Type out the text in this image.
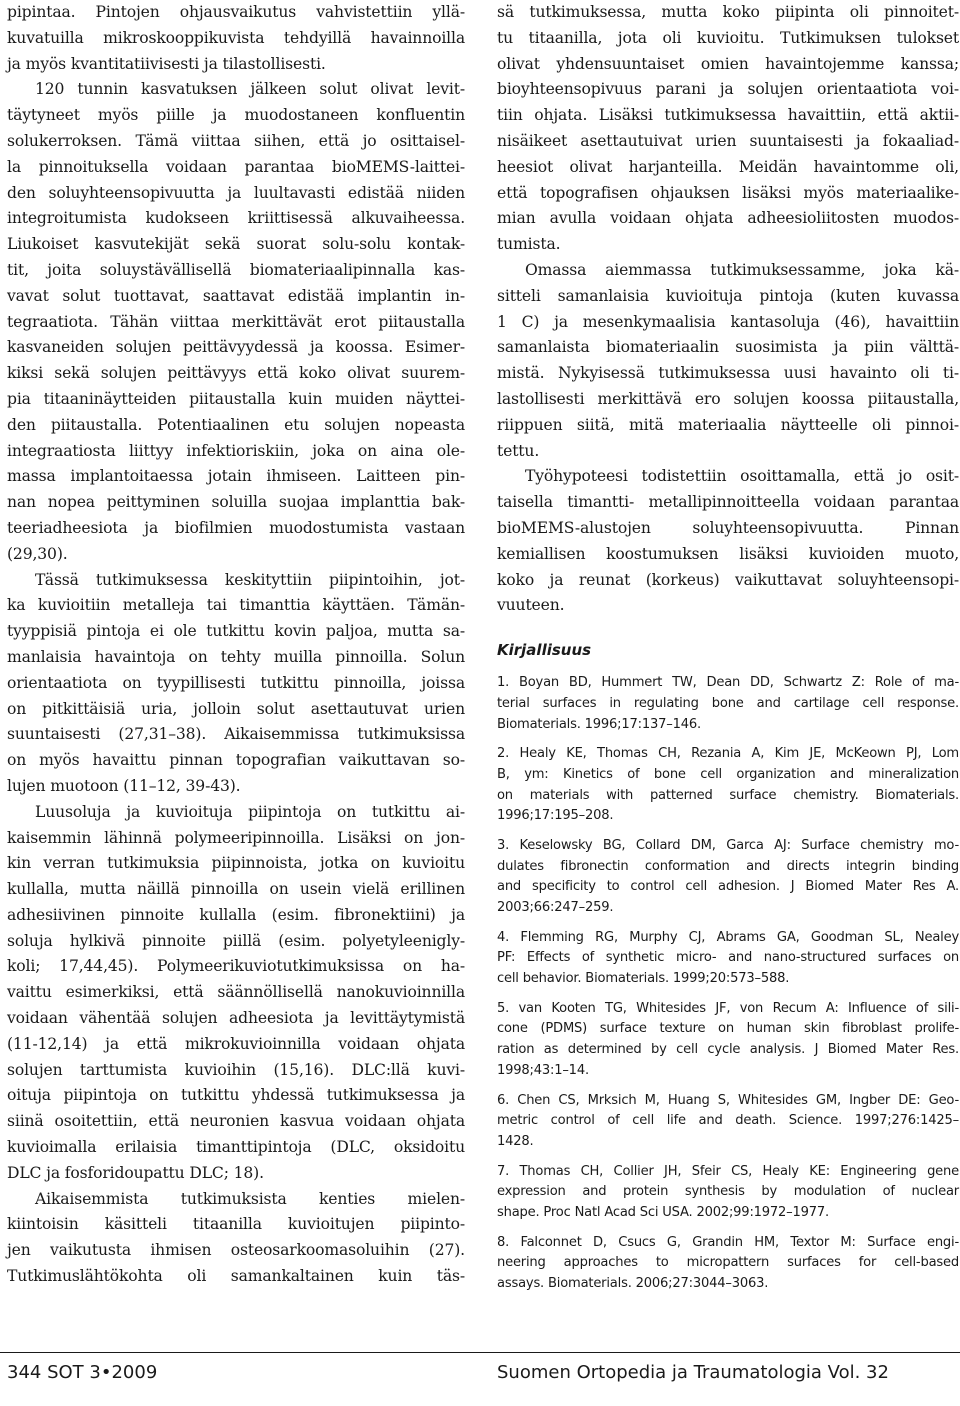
pipintaa. Pintojen ohjausvaikutus vahvistettiin yllä-
kuvatuilla mikroskooppikuvista tehdyillä havainnoilla
ja myös kvantitatiivisesti ja tilastollisesti.
120 tunnin kasvatuksen jälkeen solut olivat levit-
täytyneet myös piille ja muodostaneen konfluentin
solukerroksen. Tämä viittaa siihen, että jo osittaisel-
la pinnoituksella voidaan parantaa bioMEMS-laittei-
den soluyhteensopivuutta ja luultavasti edistää niiden
integroitumista kudokseen kriittisessä alkuvaiheessa.
Liukoiset kasvutekijät sekä suorat solu-solu kontak-
tit, joita soluystävällisellä biomateriaalipinnalla kas-
vavat solut tuottavat, saattavat edistää implantin in-
tegraatiota. Tähän viittaa merkittävät erot piitaustalla
kasvaneiden solujen peittävyydessä ja koossa. Esimer-
kiksi sekä solujen peittävyys että koko olivat suurem-
pia titaaninäytteiden piitaustalla kuin muiden näyttei-
den piitaustalla. Potentiaalinen etu solujen nopeasta
integraatiosta liittyy infektioriskiin, joka on aina ole-
massa implantoitaessa jotain ihmiseen. Laitteen pin-
nan nopea peittyminen soluilla suojaa implanttia bak-
teeriadheesiota ja biofilmien muodostumista vastaan
(29,30).
Tässä tutkimuksessa keskityttiin piipintoihin, jot-
ka kuvioitiin metalleja tai timanttia käyttäen. Tämän-
tyyppisiä pintoja ei ole tutkittu kovin paljoa, mutta sa-
manlaisia havaintoja on tehty muilla pinnoilla. Solun
orientaatiota on tyypillisesti tutkittu pinnoilla, joissa
on pitkittäisiä uria, jolloin solut asettautuvat urien
suuntaisesti (27,31–38). Aikaisemmissa tutkimuksissa
on myös havaittu pinnan topografian vaikuttavan so-
lujen muotoon (11–12, 39-43).
Luusoluja ja kuvioituja piipintoja on tutkittu ai-
kaisemmin lähinnä polymeeripinnoilla. Lisäksi on jon-
kin verran tutkimuksia piipinnoista, jotka on kuvioitu
kullalla, mutta näillä pinnoilla on usein vielä erillinen
adhesiivinen pinnoite kullalla (esim. fibronektiini) ja
soluja hylkivä pinnoite piillä (esim. polyetyleenigly-
koli; 17,44,45). Polymeerikuviotutkimuksissa on ha-
vaittu esimerkiksi, että säännöllisellä nanokuvioinnilla
voidaan vähentää solujen adheesiota ja levittäytymistä
(11-12,14) ja että mikrokuvioinnilla voidaan ohjata
solujen tarttumista kuvioihin (15,16). DLC:llä kuvi-
oituja piipintoja on tutkittu yhdessä tutkimuksessa ja
siinä osoitettiin, että neuronien kasvua voidaan ohjata
kuvioimalla erilaisia timanttipintoja (DLC, oksidoitu
DLC ja fosforidoupattu DLC; 18).
Aikaisemmista tutkimuksista kenties mielen-
kiintoisin käsitteli titaanilla kuvioitujen piipinto-
jen vaikutusta ihmisen osteosarkoomasoluihin (27).
Tutkimuslähtökohta oli samankaltainen kuin täs-
sä tutkimuksessa, mutta koko piipinta oli pinnoitet-
tu titaanilla, jota oli kuvioitu. Tutkimuksen tulokset
olivat yhdensuuntaiset omien havaintojemme kanssa;
bioyhteensopivuus parani ja solujen orientaatiota voi-
tiin ohjata. Lisäksi tutkimuksessa havaittiin, että aktii-
nisäikeet asettautuivat urien suuntaisesti ja fokaaliad-
heesiot olivat harjanteilla. Meidän havaintomme oli,
että topografisen ohjauksen lisäksi myös materiaalike-
mian avulla voidaan ohjata adheesioliitosten muodos-
tumista.
Omassa aiemmassa tutkimuksessamme, joka kä-
sitteli samanlaisia kuvioituja pintoja (kuten kuvassa
1 C) ja mesenkymaalisia kantasoluja (46), havaittiin
samanlaista biomateriaalin suosimista ja piin välttä-
mistä. Nykyisessä tutkimuksessa uusi havainto oli ti-
lastollisesti merkittävä ero solujen koossa piitaustalla,
riippuen siitä, mitä materiaalia näytteelle oli pinnoi-
tettu.
Työhypoteesi todistettiin osoittamalla, että jo osit-
taisella timantti- metallipinnoitteella voidaan parantaa
bioMEMS-alustojen soluyhteensopivuutta. Pinnan
kemiallisen koostumuksen lisäksi kuvioiden muoto,
koko ja reunat (korkeus) vaikuttavat soluyhteensopi-
vuuteen.
Kirjallisuus
1. Boyan BD, Hummert TW, Dean DD, Schwartz Z: Role of ma-
terial surfaces in regulating bone and cartilage cell response.
Biomaterials. 1996;17:137–146.
2. Healy KE, Thomas CH, Rezania A, Kim JE, McKeown PJ, Lom
B, ym: Kinetics of bone cell organization and mineralization
on materials with patterned surface chemistry. Biomaterials.
1996;17:195–208.
3. Keselowsky BG, Collard DM, Garca AJ: Surface chemistry mo-
dulates fibronectin conformation and directs integrin binding
and specificity to control cell adhesion. J Biomed Mater Res A.
2003;66:247–259.
4. Flemming RG, Murphy CJ, Abrams GA, Goodman SL, Nealey
PF: Effects of synthetic micro- and nano-structured surfaces on
cell behavior. Biomaterials. 1999;20:573–588.
5. van Kooten TG, Whitesides JF, von Recum A: Influence of sili-
cone (PDMS) surface texture on human skin fibroblast prolife-
ration as determined by cell cycle analysis. J Biomed Mater Res.
1998;43:1–14.
6. Chen CS, Mrksich M, Huang S, Whitesides GM, Ingber DE: Geo-
metric control of cell life and death. Science. 1997;276:1425–
1428.
7. Thomas CH, Collier JH, Sfeir CS, Healy KE: Engineering gene
expression and protein synthesis by modulation of nuclear
shape. Proc Natl Acad Sci USA. 2002;99:1972–1977.
8. Falconnet D, Csucs G, Grandin HM, Textor M: Surface engi-
neering approaches to micropattern surfaces for cell-based
assays. Biomaterials. 2006;27:3044–3063.
344 SOT 3•2009	Suomen Ortopedia ja Traumatologia Vol. 32
